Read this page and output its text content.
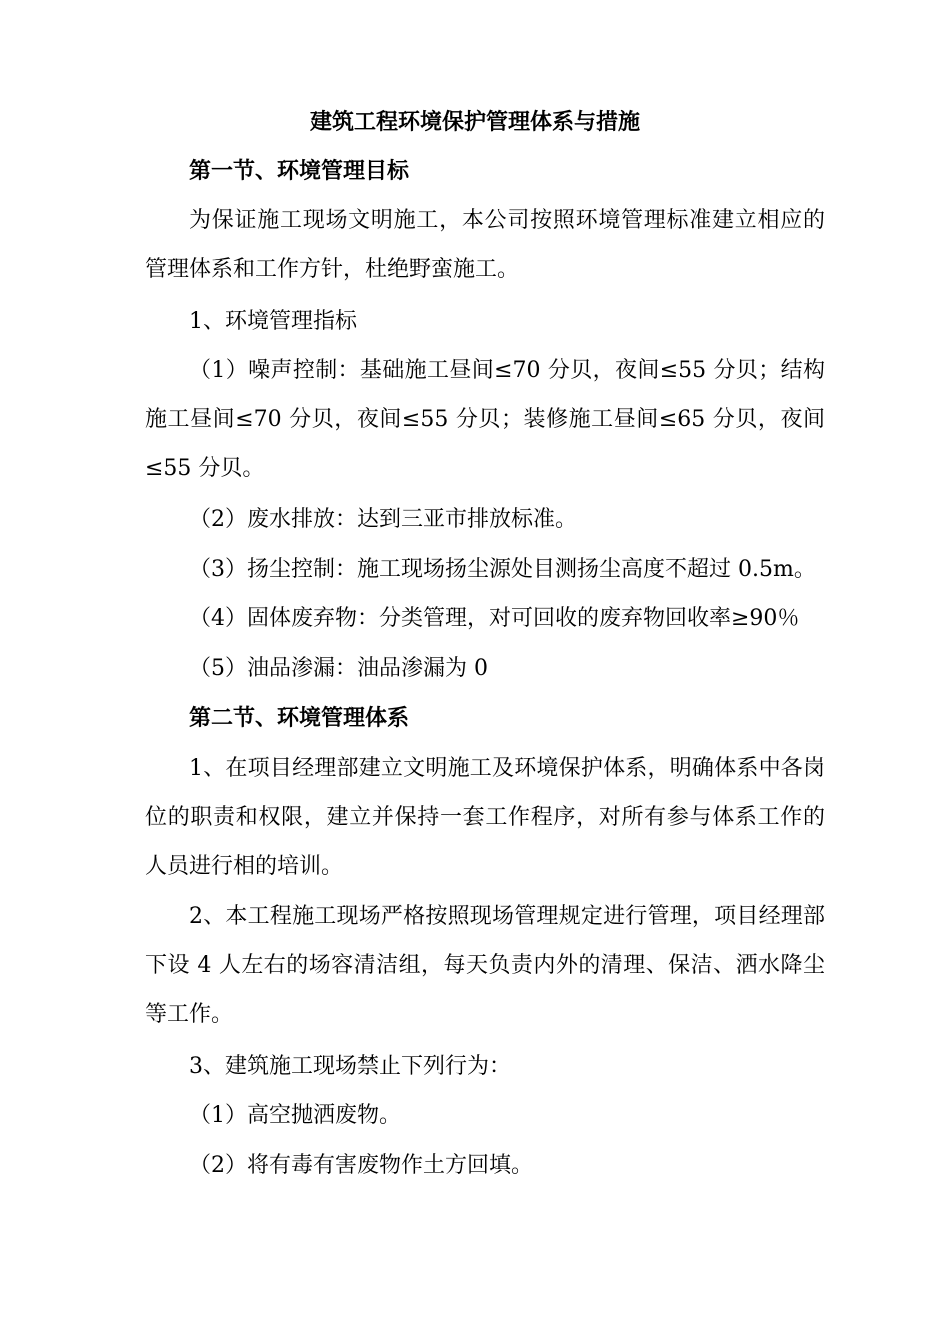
建筑工程环境保护管理体系与措施

第一节、环境管理目标

为保证施工现场文明施工，本公司按照环境管理标准建立相应的管理体系和工作方针，杜绝野蛮施工。

1、环境管理指标

（1）噪声控制：基础施工昼间≤70 分贝，夜间≤55 分贝；结构施工昼间≤70 分贝，夜间≤55 分贝；装修施工昼间≤65 分贝，夜间≤55 分贝。

（2）废水排放：达到三亚市排放标准。

（3）扬尘控制：施工现场扬尘源处目测扬尘高度不超过 0.5m。

（4）固体废弃物：分类管理，对可回收的废弃物回收率≥90％

（5）油品渗漏：油品渗漏为 0

第二节、环境管理体系

1、在项目经理部建立文明施工及环境保护体系，明确体系中各岗位的职责和权限，建立并保持一套工作程序，对所有参与体系工作的人员进行相的培训。

2、本工程施工现场严格按照现场管理规定进行管理，项目经理部下设 4 人左右的场容清洁组，每天负责内外的清理、保洁、洒水降尘等工作。

3、建筑施工现场禁止下列行为：

（1）高空抛洒废物。

（2）将有毒有害废物作土方回填。
